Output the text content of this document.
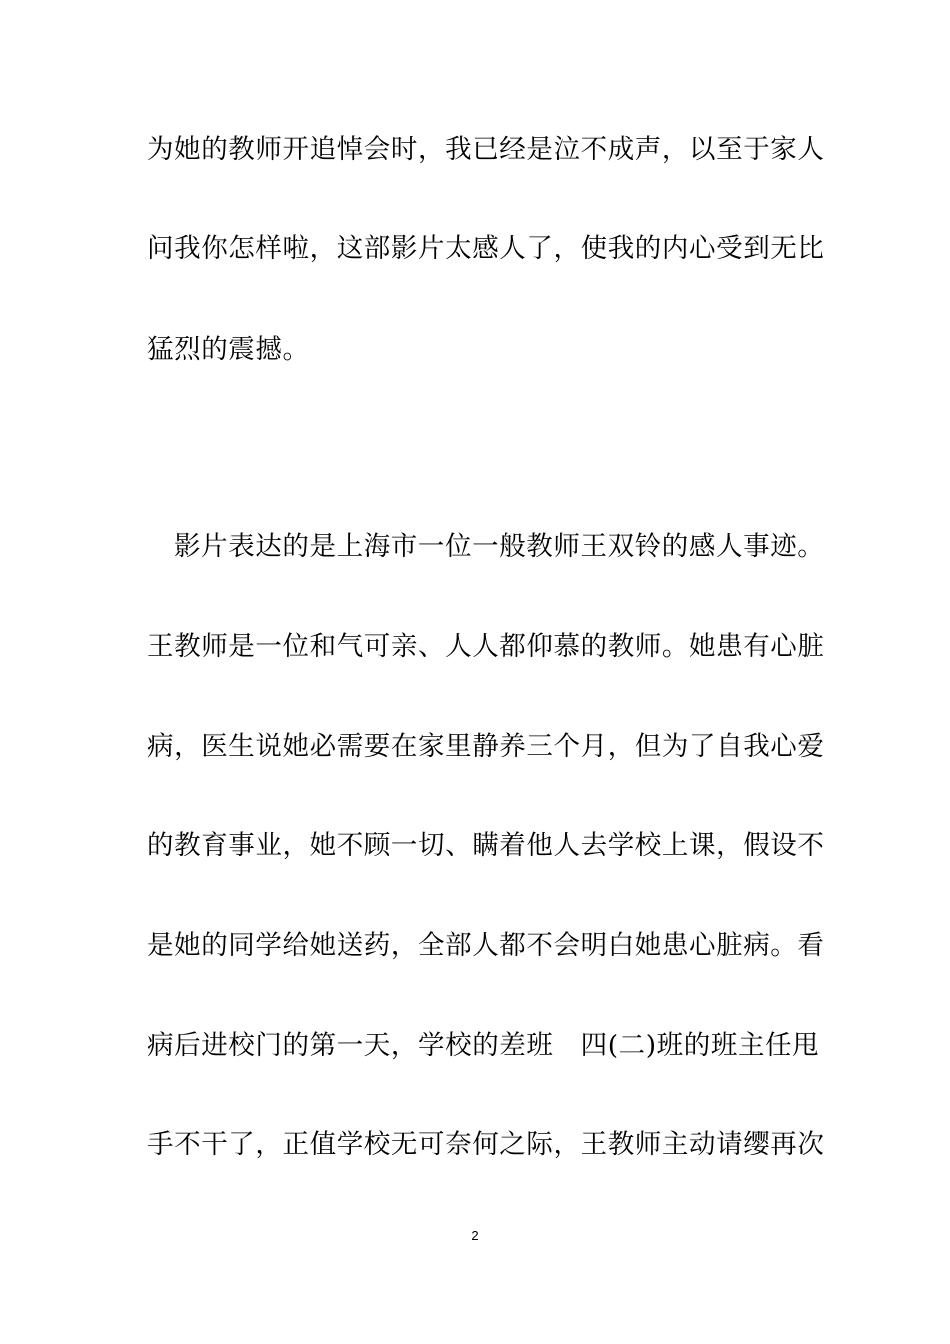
为她的教师开追悼会时，我已经是泣不成声，以至于家人
问我你怎样啦，这部影片太感人了，使我的内心受到无比
猛烈的震撼。
影片表达的是上海市一位一般教师王双铃的感人事迹。
王教师是一位和气可亲、人人都仰慕的教师。她患有心脏
病，医生说她必需要在家里静养三个月，但为了自我心爱
的教育事业，她不顾一切、瞒着他人去学校上课，假设不
是她的同学给她送药，全部人都不会明白她患心脏病。看
病后进校门的第一天，学校的差班　四(二)班的班主任甩
手不干了，正值学校无可奈何之际，王教师主动请缨再次
2
